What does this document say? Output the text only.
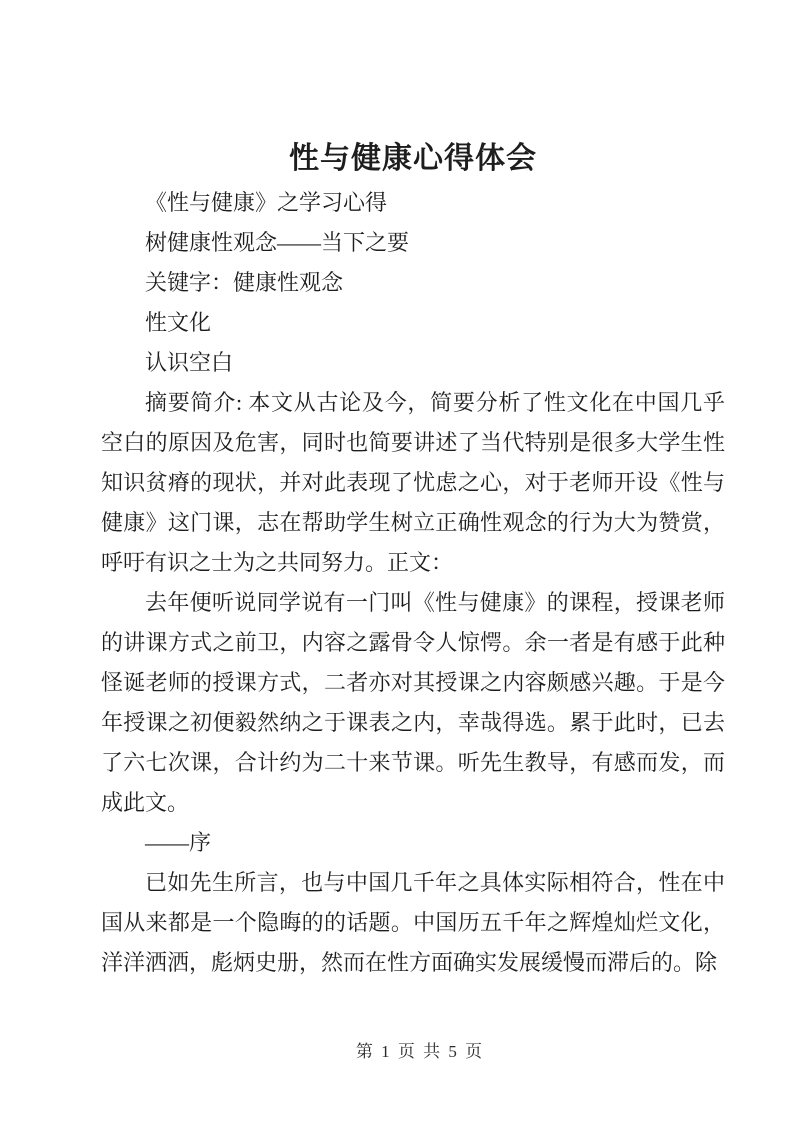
性与健康心得体会

《性与健康》之学习心得

树健康性观念——当下之要

关键字：健康性观念

性文化

认识空白

摘要简介: 本文从古论及今，简要分析了性文化在中国几乎空白的原因及危害，同时也简要讲述了当代特别是很多大学生性知识贫瘠的现状，并对此表现了忧虑之心，对于老师开设《性与健康》这门课，志在帮助学生树立正确性观念的行为大为赞赏，呼吁有识之士为之共同努力。正文：

去年便听说同学说有一门叫《性与健康》的课程，授课老师的讲课方式之前卫，内容之露骨令人惊愕。余一者是有感于此种怪诞老师的授课方式，二者亦对其授课之内容颇感兴趣。于是今年授课之初便毅然纳之于课表之内，幸哉得选。累于此时，已去了六七次课，合计约为二十来节课。听先生教导，有感而发，而成此文。

——序

已如先生所言，也与中国几千年之具体实际相符合，性在中国从来都是一个隐晦的的话题。中国历五千年之辉煌灿烂文化，洋洋洒洒，彪炳史册，然而在性方面确实发展缓慢而滞后的。除

第 1 页 共 5 页
